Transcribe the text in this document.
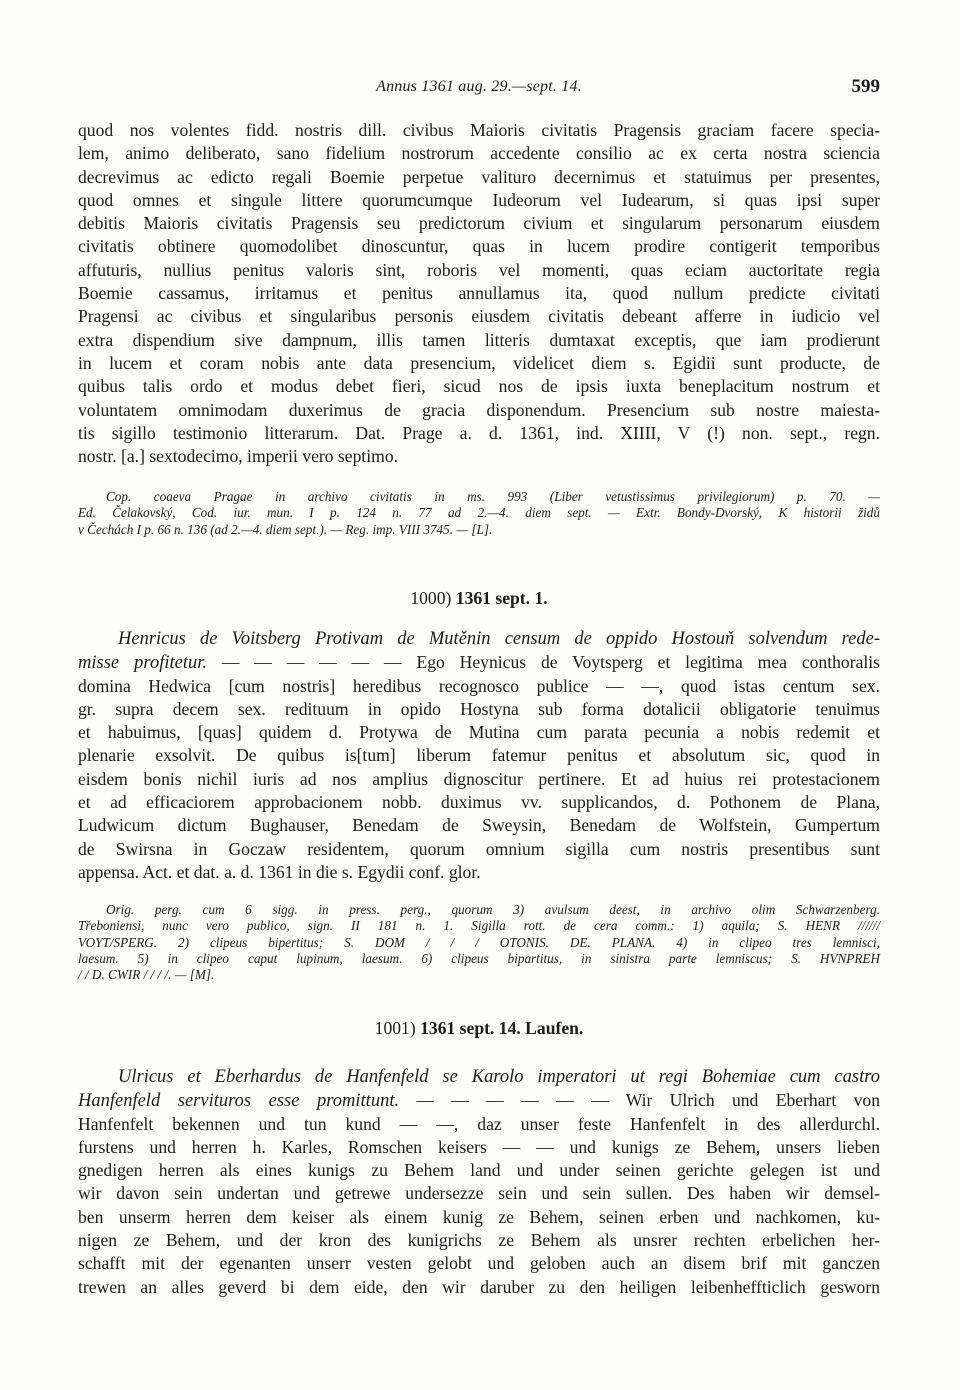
Annus 1361 aug. 29.—sept. 14.	599
quod nos volentes fidd. nostris dill. civibus Maioris civitatis Pragensis graciam facere specia-
lem, animo deliberato, sano fidelium nostrorum accedente consilio ac ex certa nostra sciencia
decrevimus ac edicto regali Boemie perpetue valituro decernimus et statuimus per presentes,
quod omnes et singule littere quorumcumque Iudeorum vel Iudearum, si quas ipsi super
debitis Maioris civitatis Pragensis seu predictorum civium et singularum personarum eiusdem
civitatis obtinere quomodolibet dinoscuntur, quas in lucem prodire contigerit temporibus
affuturis, nullius penitus valoris sint, roboris vel momenti, quas eciam auctoritate regia
Boemie cassamus, irritamus et penitus annullamus ita, quod nullum predicte civitati
Pragensi ac civibus et singularibus personis eiusdem civitatis debeant afferre in iudicio vel
extra dispendium sive dampnum, illis tamen litteris dumtaxat exceptis, que iam prodierunt
in lucem et coram nobis ante data presencium, videlicet diem s. Egidii sunt producte, de
quibus talis ordo et modus debet fieri, sicud nos de ipsis iuxta beneplacitum nostrum et
voluntatem omnimodam duxerimus de gracia disponendum. Presencium sub nostre maiesta-
tis sigillo testimonio litterarum. Dat. Prage a. d. 1361, ind. XIIII, V (!) non. sept., regn.
nostr. [a.] sextodecimo, imperii vero septimo.
Cop. coaeva Pragae in archivo civitatis in ms. 993 (Liber vetustissimus privilegiorum) p. 70. —
Ed. Čelakovský, Cod. iur. mun. I p. 124 n. 77 ad 2.—4. diem sept. — Extr. Bondy-Dvorský, K historii židů
v Čechách I p. 66 n. 136 (ad 2.—4. diem sept.). — Reg. imp. VIII 3745. — [L].
1000) 1361 sept. 1.
Henricus de Voitsberg Protivam de Mutěnin censum de oppido Hostouň solvendum rede-
misse profitetur. — — — — — — Ego Heynicus de Voytsperg et legitima mea conthoralis
domina Hedwica [cum nostris] heredibus recognosco publice — —, quod istas centum sex.
gr. supra decem sex. redituum in opido Hostyna sub forma dotalicii obligatorie tenuimus
et habuimus, [quas] quidem d. Protywa de Mutina cum parata pecunia a nobis redemit et
plenarie exsolvit. De quibus is[tum] liberum fatemur penitus et absolutum sic, quod in
eisdem bonis nichil iuris ad nos amplius dignoscitur pertinere. Et ad huius rei protestacionem
et ad efficaciorem approbacionem nobb. duximus vv. supplicandos, d. Pothonem de Plana,
Ludwicum dictum Bughauser, Benedam de Sweysin, Benedam de Wolfstein, Gumpertum
de Swirsna in Goczaw residentem, quorum omnium sigilla cum nostris presentibus sunt
appensa. Act. et dat. a. d. 1361 in die s. Egydii conf. glor.
Orig. perg. cum 6 sigg. in press. perg., quorum 3) avulsum deest, in archivo olim Schwarzenberg.
Třeboniensi, nunc vero publico, sign. II 181 n. 1. Sigilla rott. de cera comm.: 1) aquila; S. HENR //////
VOYT/SPERG. 2) clipeus bipertitus; S. DOM / / / OTONIS. DE. PLANA. 4) in clipeo tres lemnisci,
laesum. 5) in clipeo caput lupinum, laesum. 6) clipeus bipartitus, in sinistra parte lemniscus; S. HVNPREH
/ / D. CWIR / / / /. — [M].
1001) 1361 sept. 14. Laufen.
Ulricus et Eberhardus de Hanfenfeld se Karolo imperatori ut regi Bohemiae cum castro
Hanfenfeld servituros esse promittunt. — — — — — — Wir Ulrich und Eberhart von
Hanfenfelt bekennen und tun kund — —, daz unser feste Hanfenfelt in des allerdurchl.
furstens und herren h. Karles, Romschen keisers — — und kunigs ze Behem, unsers lieben
gnedigen herren als eines kunigs zu Behem land und under seinen gerichte gelegen ist und
wir davon sein undertan und getrewe undersezze sein und sein sullen. Des haben wir demsel-
ben unserm herren dem keiser als einem kunig ze Behem, seinen erben und nachkomen, ku-
nigen ze Behem, und der kron des kunigrichs ze Behem als unsrer rechten erbelichen her-
schafft mit der egenanten unserr vesten gelobt und geloben auch an disem brif mit ganczen
trewen an alles geverd bi dem eide, den wir daruber zu den heiligen leibenheffticlich gesworn
